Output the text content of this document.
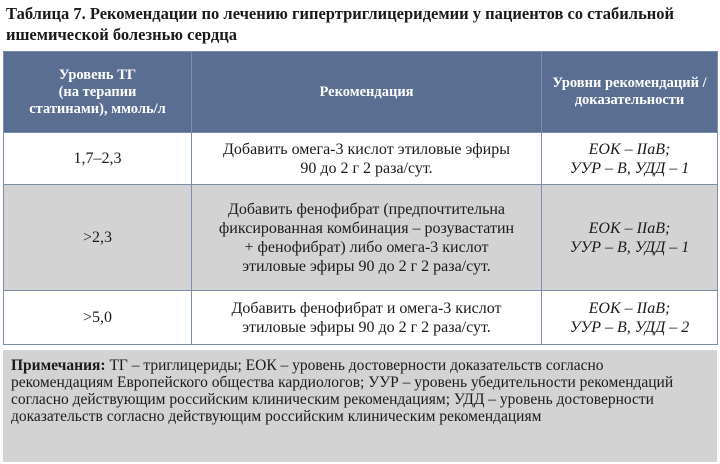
Таблица 7. Рекомендации по лечению гипертриглицеридемии у пациентов со стабильной ишемической болезнью сердца
Уровень ТГ
(на терапии
статинами), ммоль/л	Рекомендация	Уровни рекомендаций /
доказательности

1,7–2,3	Добавить омега-3 кислот этиловые эфиры
90 до 2 г 2 раза/сут.	ЕОК – IIaB;
УУР – B, УДД – 1

>2,3	Добавить фенофибрат (предпочтительна
фиксированная комбинация – розувастатин
+ фенофибрат) либо омега-3 кислот
этиловые эфиры 90 до 2 г 2 раза/сут.	ЕОК – IIaB;
УУР – B, УДД – 1

>5,0	Добавить фенофибрат и омега-3 кислот
этиловые эфиры 90 до 2 г 2 раза/сут.	ЕОК – IIaB;
УУР – B, УДД – 2
Примечания: ТГ – триглицериды; ЕОК – уровень достоверности доказательств согласно рекомендациям Европейского общества кардиологов; УУР – уровень убедительности рекомендаций согласно действующим российским клиническим рекомендациям; УДД – уровень достоверности доказательств согласно действующим российским клиническим рекомендациям
